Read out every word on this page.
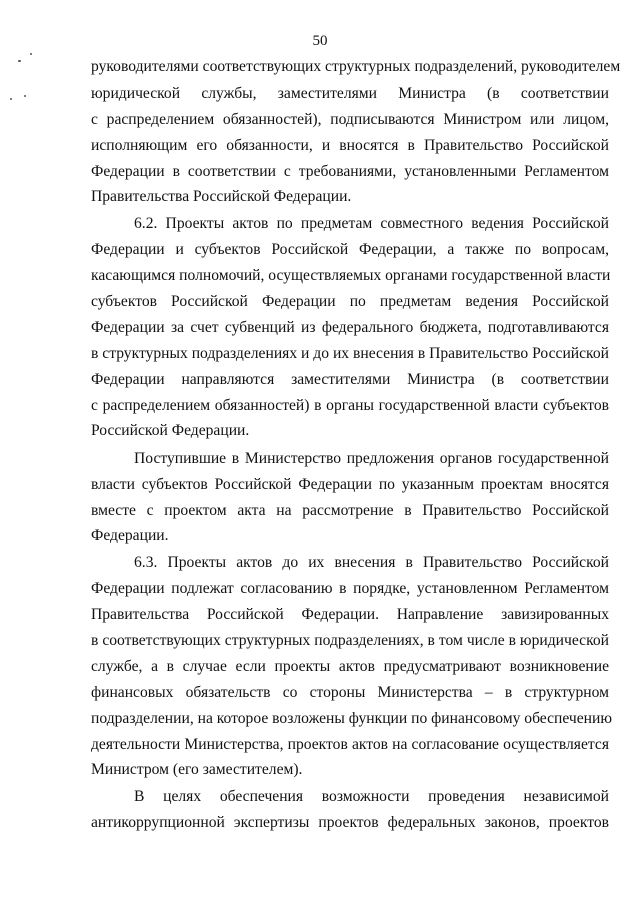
50
руководителями соответствующих структурных подразделений, руководителем
юридической службы, заместителями Министра (в соответствии
с распределением обязанностей), подписываются Министром или лицом,
исполняющим его обязанности, и вносятся в Правительство Российской
Федерации в соответствии с требованиями, установленными Регламентом
Правительства Российской Федерации.
6.2. Проекты актов по предметам совместного ведения Российской
Федерации и субъектов Российской Федерации, а также по вопросам,
касающимся полномочий, осуществляемых органами государственной власти
субъектов Российской Федерации по предметам ведения Российской
Федерации за счет субвенций из федерального бюджета, подготавливаются
в структурных подразделениях и до их внесения в Правительство Российской
Федерации направляются заместителями Министра (в соответствии
с распределением обязанностей) в органы государственной власти субъектов
Российской Федерации.
Поступившие в Министерство предложения органов государственной
власти субъектов Российской Федерации по указанным проектам вносятся
вместе с проектом акта на рассмотрение в Правительство Российской
Федерации.
6.3. Проекты актов до их внесения в Правительство Российской
Федерации подлежат согласованию в порядке, установленном Регламентом
Правительства Российской Федерации. Направление завизированных
в соответствующих структурных подразделениях, в том числе в юридической
службе, а в случае если проекты актов предусматривают возникновение
финансовых обязательств со стороны Министерства – в структурном
подразделении, на которое возложены функции по финансовому обеспечению
деятельности Министерства, проектов актов на согласование осуществляется
Министром (его заместителем).
В целях обеспечения возможности проведения независимой
антикоррупционной экспертизы проектов федеральных законов, проектов
